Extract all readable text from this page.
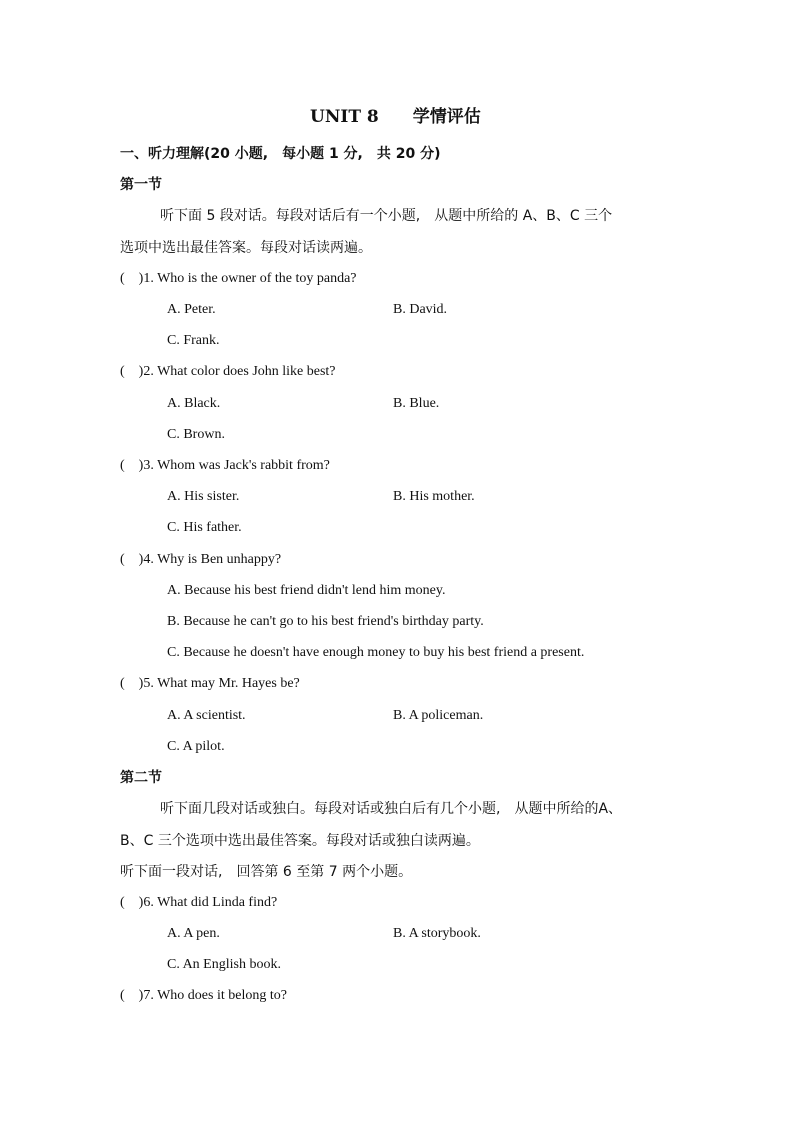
UNIT 8　　学情评估
一、听力理解(20 小题,　每小题 1 分,　共 20 分)
第一节
听下面 5 段对话。每段对话后有一个小题,　从题中所给的 A、B、C 三个
选项中选出最佳答案。每段对话读两遍。
(　)1. Who is the owner of the toy panda?
A. Peter.	B. David.
C. Frank.
(　)2. What color does John like best?
A. Black.	B. Blue.
C. Brown.
(　)3. Whom was Jack's rabbit from?
A. His sister.	B. His mother.
C. His father.
(　)4. Why is Ben unhappy?
A. Because his best friend didn't lend him money.
B. Because he can't go to his best friend's birthday party.
C. Because he doesn't have enough money to buy his best friend a present.
(　)5. What may Mr. Hayes be?
A. A scientist.	B. A policeman.
C. A pilot.
第二节
听下面几段对话或独白。每段对话或独白后有几个小题,　从题中所给的A、
B、C 三个选项中选出最佳答案。每段对话或独白读两遍。
听下面一段对话,　回答第 6 至第 7 两个小题。
(　)6. What did Linda find?
A. A pen.	B. A storybook.
C. An English book.
(　)7. Who does it belong to?
